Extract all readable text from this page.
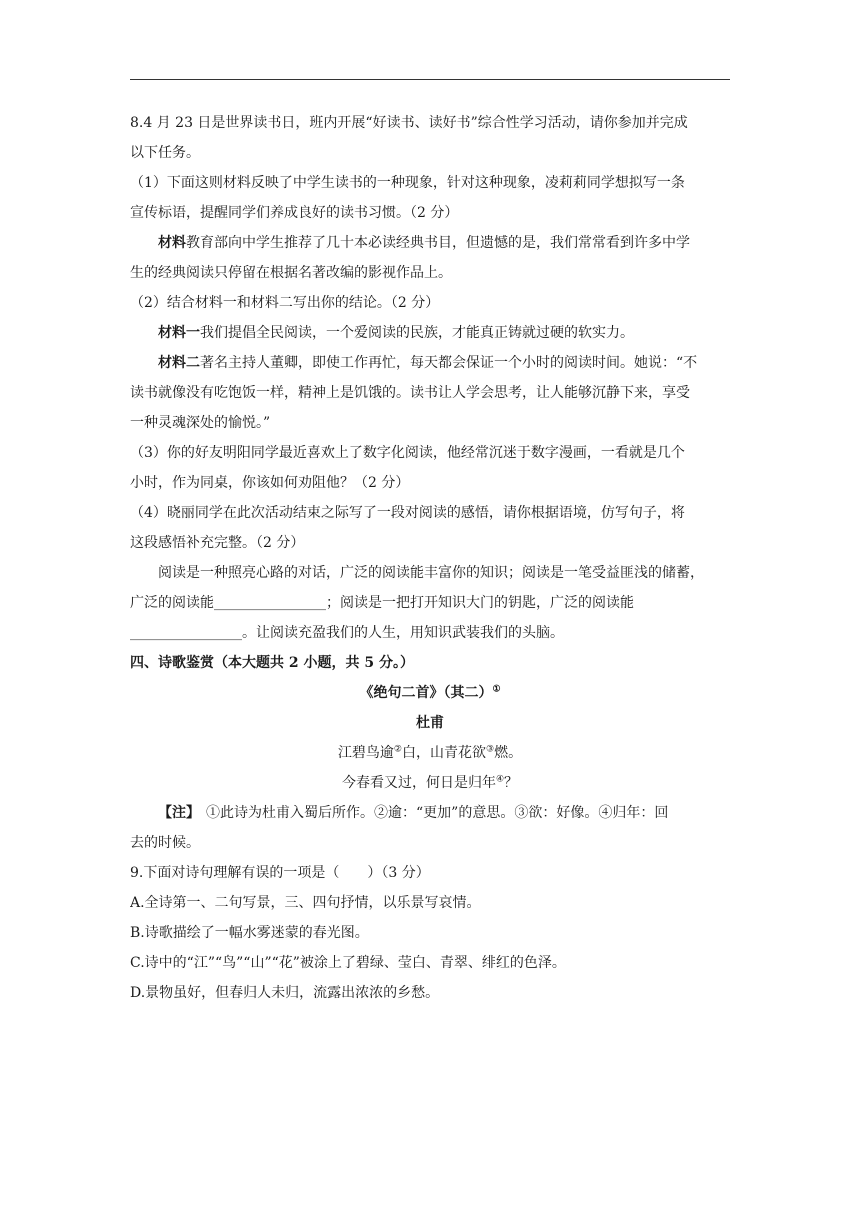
8.4 月 23 日是世界读书日，班内开展“好读书、读好书”综合性学习活动，请你参加并完成
以下任务。
（1）下面这则材料反映了中学生读书的一种现象，针对这种现象，凌莉莉同学想拟写一条
宣传标语，提醒同学们养成良好的读书习惯。（2 分）
材料教育部向中学生推荐了几十本必读经典书目，但遗憾的是，我们常常看到许多中学
生的经典阅读只停留在根据名著改编的影视作品上。
（2）结合材料一和材料二写出你的结论。（2 分）
材料一我们提倡全民阅读，一个爱阅读的民族，才能真正铸就过硬的软实力。
材料二著名主持人董卿，即使工作再忙，每天都会保证一个小时的阅读时间。她说：“不
读书就像没有吃饱饭一样，精神上是饥饿的。读书让人学会思考，让人能够沉静下来，享受
一种灵魂深处的愉悦。”
（3）你的好友明阳同学最近喜欢上了数字化阅读，他经常沉迷于数字漫画，一看就是几个
小时，作为同桌，你该如何劝阻他？（2 分）
（4）晓丽同学在此次活动结束之际写了一段对阅读的感悟，请你根据语境，仿写句子，将
这段感悟补充完整。（2 分）
阅读是一种照亮心路的对话，广泛的阅读能丰富你的知识；阅读是一笔受益匪浅的储蓄，
广泛的阅读能________________；阅读是一把打开知识大门的钥匙，广泛的阅读能
________________。让阅读充盈我们的人生，用知识武装我们的头脑。
四、诗歌鉴赏（本大题共 2 小题，共 5 分。）
《绝句二首》（其二）①
杜甫
江碧鸟逾②白，山青花欲③燃。
今春看又过，何日是归年④？
【注】 ①此诗为杜甫入蜀后所作。②逾：“更加”的意思。③欲：好像。④归年：回
去的时候。
9.下面对诗句理解有误的一项是（　　）（3 分）
A.全诗第一、二句写景，三、四句抒情，以乐景写哀情。
B.诗歌描绘了一幅水雾迷蒙的春光图。
C.诗中的“江”“鸟”“山”“花”被涂上了碧绿、莹白、青翠、绯红的色泽。
D.景物虽好，但春归人未归，流露出浓浓的乡愁。
